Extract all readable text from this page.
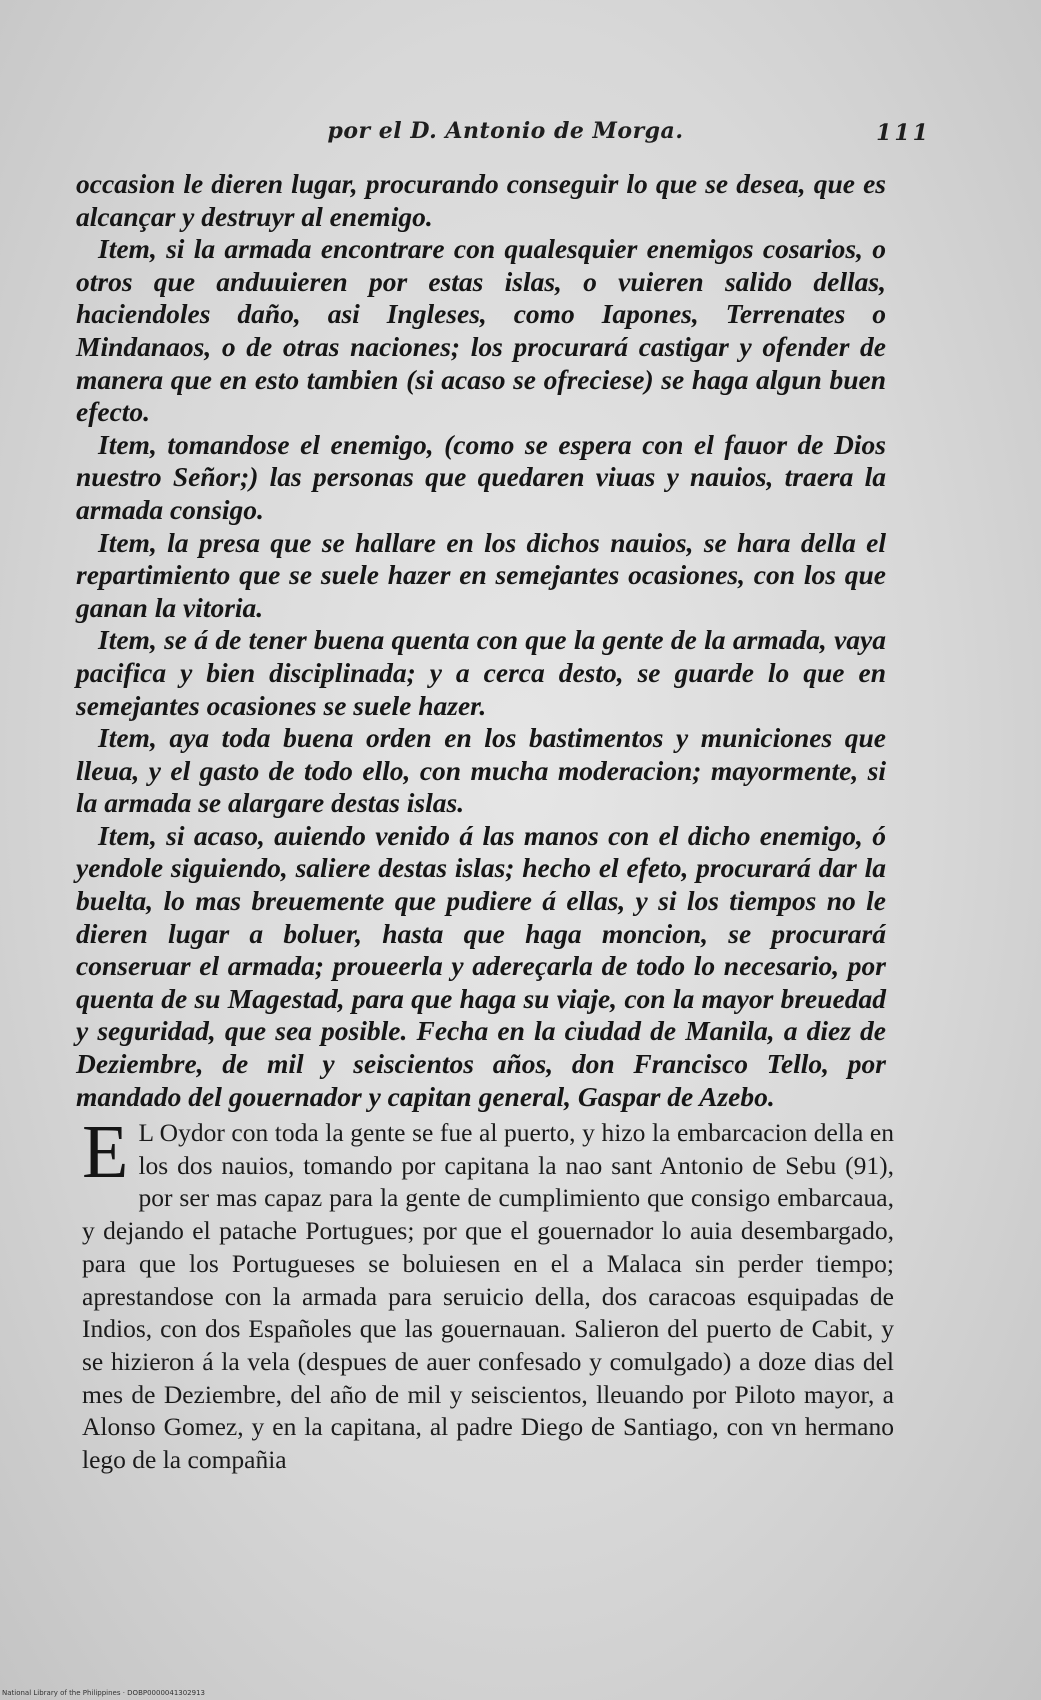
por el D. Antonio de Morga.	111

occasion le dieren lugar, procurando conseguir lo que se desea, que es alcançar y destruyr al enemigo.

Item, si la armada encontrare con qualesquier enemigos cosarios, o otros que anduuieren por estas islas, o vuieren salido dellas, haciendoles daño, asi Ingleses, como Iapones, Terrenates o Mindanaos, o de otras naciones; los procurará castigar y ofender de manera que en esto tambien (si acaso se ofreciese) se haga algun buen efecto.

Item, tomandose el enemigo, (como se espera con el fauor de Dios nuestro Señor;) las personas que quedaren viuas y nauios, traera la armada consigo.

Item, la presa que se hallare en los dichos nauios, se hara della el repartimiento que se suele hazer en semejantes ocasiones, con los que ganan la vitoria.

Item, se á de tener buena quenta con que la gente de la armada, vaya pacifica y bien disciplinada; y a cerca desto, se guarde lo que en semejantes ocasiones se suele hazer.

Item, aya toda buena orden en los bastimentos y municiones que lleua, y el gasto de todo ello, con mucha moderacion; mayormente, si la armada se alargare destas islas.

Item, si acaso, auiendo venido á las manos con el dicho enemigo, ó yendole siguiendo, saliere destas islas; hecho el efeto, procurará dar la buelta, lo mas breuemente que pudiere á ellas, y si los tiempos no le dieren lugar a boluer, hasta que haga moncion, se procurará conseruar el armada; proueerla y adereçarla de todo lo necesario, por quenta de su Magestad, para que haga su viaje, con la mayor breuedad y seguridad, que sea posible. Fecha en la ciudad de Manila, a diez de Deziembre, de mil y seiscientos años, don Francisco Tello, por mandado del gouernador y capitan general, Gaspar de Azebo.

E L Oydor con toda la gente se fue al puerto, y hizo la embarcacion della en los dos nauios, tomando por capitana la nao sant Antonio de Sebu (91), por ser mas capaz para la gente de cumplimiento que consigo embarcaua, y dejando el patache Portugues; por que el gouernador lo auia desembargado, para que los Portugueses se boluiesen en el a Malaca sin perder tiempo; aprestandose con la armada para seruicio della, dos caracoas esquipadas de Indios, con dos Españoles que las gouernauan. Salieron del puerto de Cabit, y se hizieron á la vela (despues de auer confesado y comulgado) a doze dias del mes de Deziembre, del año de mil y seiscientos, lleuando por Piloto mayor, a Alonso Gomez, y en la capitana, al padre Diego de Santiago, con vn hermano lego de la compañia

National Library of the Philippines · DOBP0000041302913
